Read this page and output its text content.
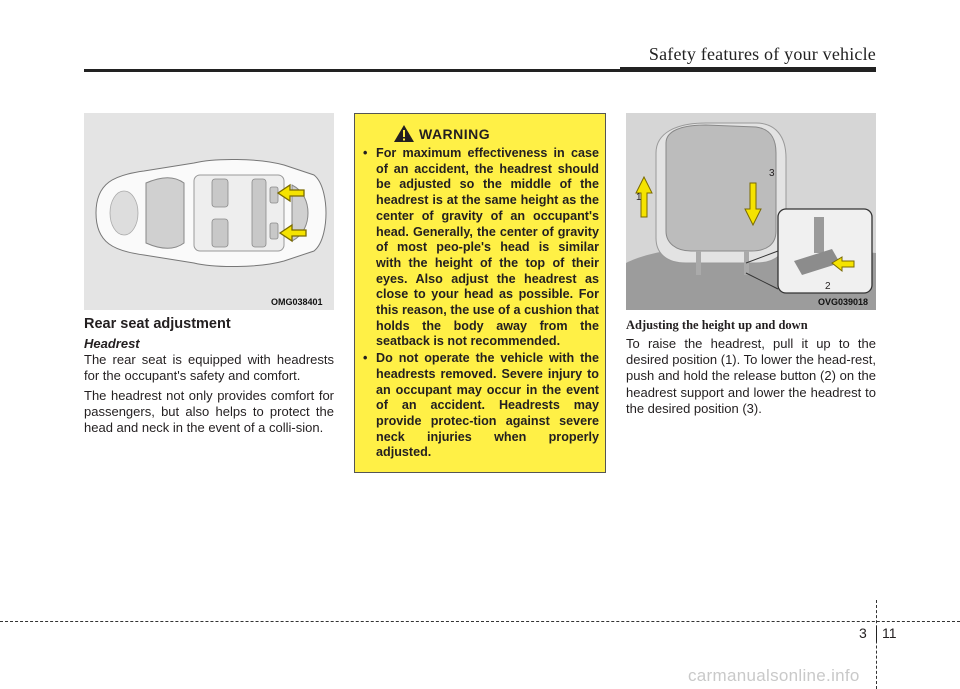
Safety features of your vehicle
OMG038401
Rear seat adjustment
Headrest
The rear seat is equipped with headrests for the occupant's safety and comfort.
The headrest not only provides comfort for passengers, but also helps to protect the head and neck in the event of a colli-sion.
WARNING
• For maximum effectiveness in case of an accident, the headrest should be adjusted so the middle of the headrest is at the same height as the center of gravity of an occupant's head. Generally, the center of gravity of most peo-ple's head is similar with the height of the top of their eyes. Also adjust the headrest as close to your head as possible. For this reason, the use of a cushion that holds the body away from the seatback is not recommended.
• Do not operate the vehicle with the headrests removed. Severe injury to an occupant may occur in the event of an accident. Headrests may provide protec-tion against severe neck injuries when properly adjusted.
1
3
2
OVG039018
Adjusting the height up and down
To raise the headrest, pull it up to the desired position (1). To lower the head-rest, push and hold the release button (2) on the headrest support and lower the headrest to the desired position (3).
3 11
carmanualsonline.info
